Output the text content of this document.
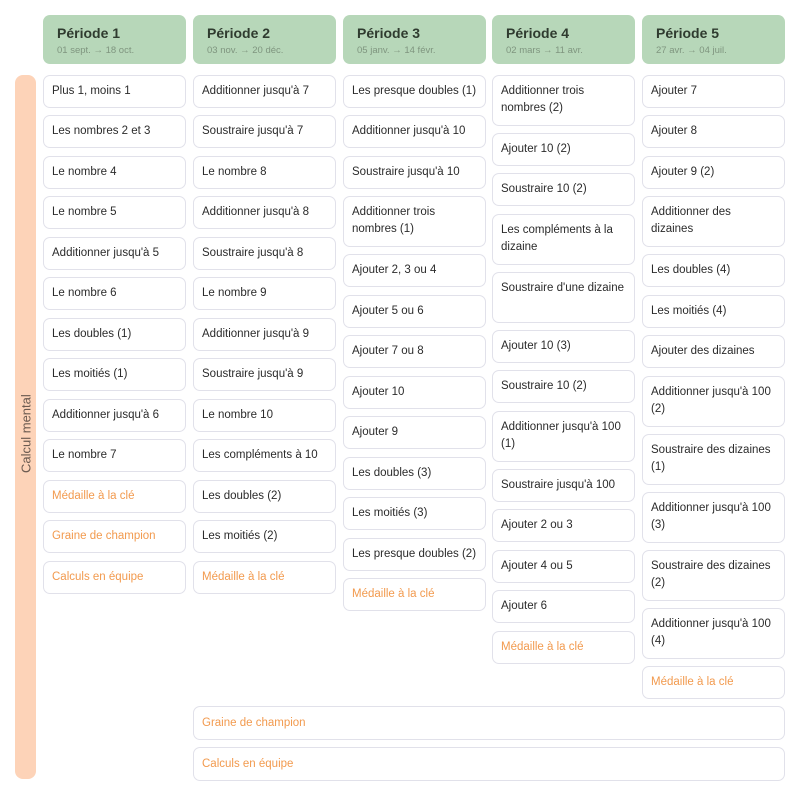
Calcul mental
Période 1
01 sept. → 18 oct.
Période 2
03 nov. → 20 déc.
Période 3
05 janv. → 14 févr.
Période 4
02 mars → 11 avr.
Période 5
27 avr. → 04 juil.
Plus 1, moins 1
Les nombres 2 et 3
Le nombre 4
Le nombre 5
Additionner jusqu'à 5
Le nombre 6
Les doubles (1)
Les moitiés (1)
Additionner jusqu'à 6
Le nombre 7
Médaille à la clé
Graine de champion
Calculs en équipe
Additionner jusqu'à 7
Soustraire jusqu'à 7
Le nombre 8
Additionner jusqu'à 8
Soustraire jusqu'à 8
Le nombre 9
Additionner jusqu'à 9
Soustraire jusqu'à 9
Le nombre 10
Les compléments à 10
Les doubles (2)
Les moitiés (2)
Médaille à la clé
Les presque doubles (1)
Additionner jusqu'à 10
Soustraire jusqu'à 10
Additionner trois nombres (1)
Ajouter 2, 3 ou 4
Ajouter 5 ou 6
Ajouter 7 ou 8
Ajouter 10
Ajouter 9
Les doubles (3)
Les moitiés (3)
Les presque doubles (2)
Médaille à la clé
Additionner trois nombres (2)
Ajouter 10 (2)
Soustraire 10 (2)
Les compléments à la dizaine
Soustraire d'une dizaine
Ajouter 10 (3)
Soustraire 10 (2)
Additionner jusqu'à 100 (1)
Soustraire jusqu'à 100
Ajouter 2 ou 3
Ajouter 4 ou 5
Ajouter 6
Médaille à la clé
Ajouter 7
Ajouter 8
Ajouter 9 (2)
Additionner des dizaines
Les doubles (4)
Les moitiés (4)
Ajouter des dizaines
Additionner jusqu'à 100 (2)
Soustraire des dizaines (1)
Additionner jusqu'à 100 (3)
Soustraire des dizaines (2)
Additionner jusqu'à 100 (4)
Médaille à la clé
Graine de champion
Calculs en équipe
